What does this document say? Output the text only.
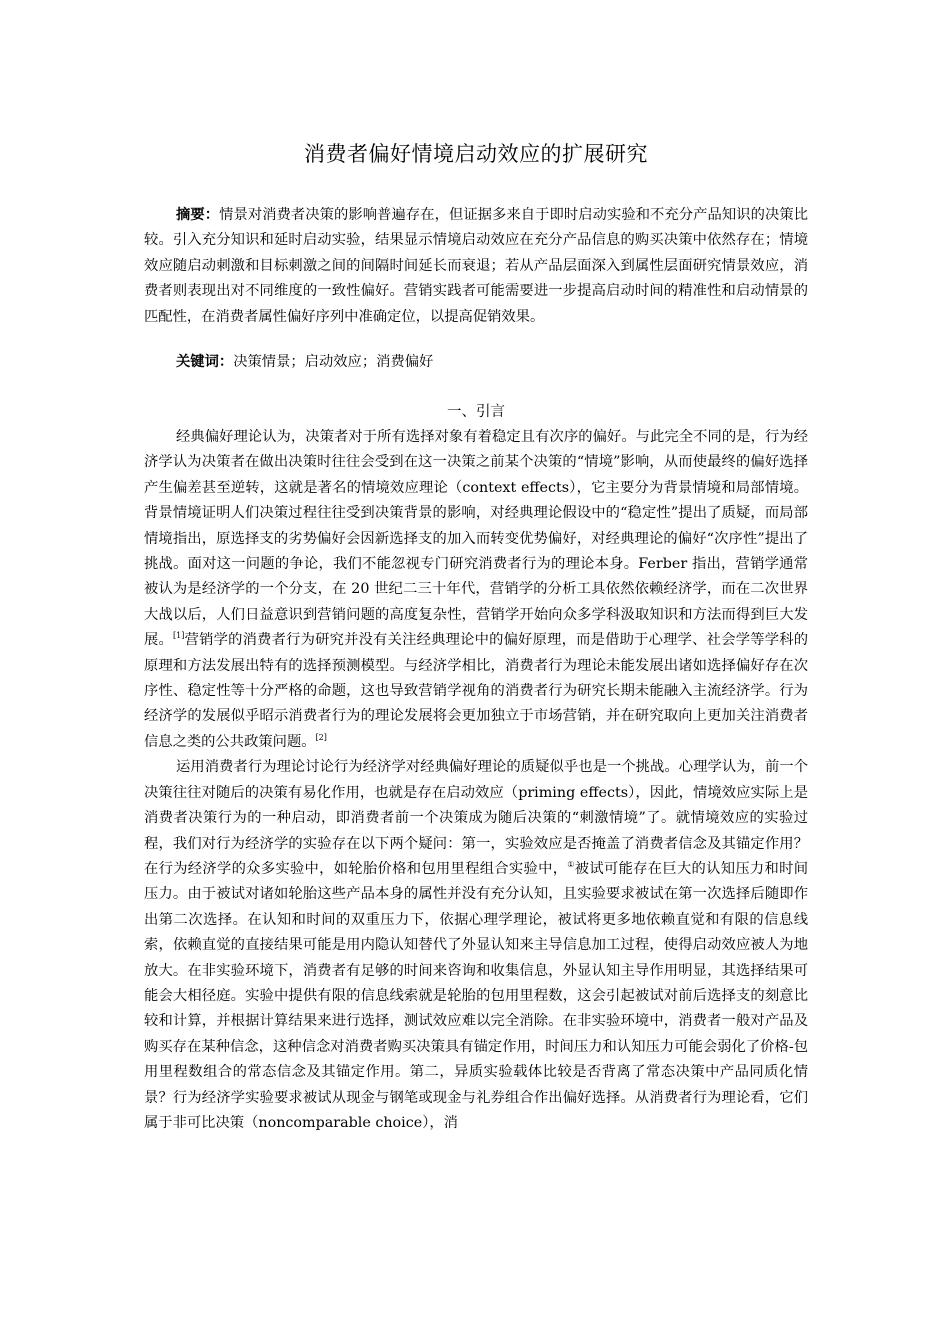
消费者偏好情境启动效应的扩展研究

摘要：情景对消费者决策的影响普遍存在，但证据多来自于即时启动实验和不充分产品知识的决策比较。引入充分知识和延时启动实验，结果显示情境启动效应在充分产品信息的购买决策中依然存在；情境效应随启动刺激和目标刺激之间的间隔时间延长而衰退；若从产品层面深入到属性层面研究情景效应，消费者则表现出对不同维度的一致性偏好。营销实践者可能需要进一步提高启动时间的精准性和启动情景的匹配性，在消费者属性偏好序列中准确定位，以提高促销效果。

关键词：决策情景；启动效应；消费偏好

一、引言

经典偏好理论认为，决策者对于所有选择对象有着稳定且有次序的偏好。与此完全不同的是，行为经济学认为决策者在做出决策时往往会受到在这一决策之前某个决策的“情境”影响，从而使最终的偏好选择产生偏差甚至逆转，这就是著名的情境效应理论（context effects），它主要分为背景情境和局部情境。背景情境证明人们决策过程往往受到决策背景的影响，对经典理论假设中的“稳定性”提出了质疑，而局部情境指出，原选择支的劣势偏好会因新选择支的加入而转变优势偏好，对经典理论的偏好“次序性”提出了挑战。面对这一问题的争论，我们不能忽视专门研究消费者行为的理论本身。Ferber 指出，营销学通常被认为是经济学的一个分支，在 20 世纪二三十年代，营销学的分析工具依然依赖经济学，而在二次世界大战以后，人们日益意识到营销问题的高度复杂性，营销学开始向众多学科汲取知识和方法而得到巨大发展。[1]营销学的消费者行为研究并没有关注经典理论中的偏好原理，而是借助于心理学、社会学等学科的原理和方法发展出特有的选择预测模型。与经济学相比，消费者行为理论未能发展出诸如选择偏好存在次序性、稳定性等十分严格的命题，这也导致营销学视角的消费者行为研究长期未能融入主流经济学。行为经济学的发展似乎昭示消费者行为的理论发展将会更加独立于市场营销，并在研究取向上更加关注消费者信息之类的公共政策问题。[2]

运用消费者行为理论讨论行为经济学对经典偏好理论的质疑似乎也是一个挑战。心理学认为，前一个决策往往对随后的决策有易化作用，也就是存在启动效应（priming effects），因此，情境效应实际上是消费者决策行为的一种启动，即消费者前一个决策成为随后决策的“刺激情境”了。就情境效应的实验过程，我们对行为经济学的实验存在以下两个疑问：第一，实验效应是否掩盖了消费者信念及其锚定作用？在行为经济学的众多实验中，如轮胎价格和包用里程组合实验中，①被试可能存在巨大的认知压力和时间压力。由于被试对诸如轮胎这些产品本身的属性并没有充分认知，且实验要求被试在第一次选择后随即作出第二次选择。在认知和时间的双重压力下，依据心理学理论，被试将更多地依赖直觉和有限的信息线索，依赖直觉的直接结果可能是用内隐认知替代了外显认知来主导信息加工过程，使得启动效应被人为地放大。在非实验环境下，消费者有足够的时间来咨询和收集信息，外显认知主导作用明显，其选择结果可能会大相径庭。实验中提供有限的信息线索就是轮胎的包用里程数，这会引起被试对前后选择支的刻意比较和计算，并根据计算结果来进行选择，测试效应难以完全消除。在非实验环境中，消费者一般对产品及购买存在某种信念，这种信念对消费者购买决策具有锚定作用，时间压力和认知压力可能会弱化了价格-包用里程数组合的常态信念及其锚定作用。第二，异质实验载体比较是否背离了常态决策中产品同质化情景？行为经济学实验要求被试从现金与钢笔或现金与礼券组合作出偏好选择。从消费者行为理论看，它们属于非可比决策（noncomparable choice），消
